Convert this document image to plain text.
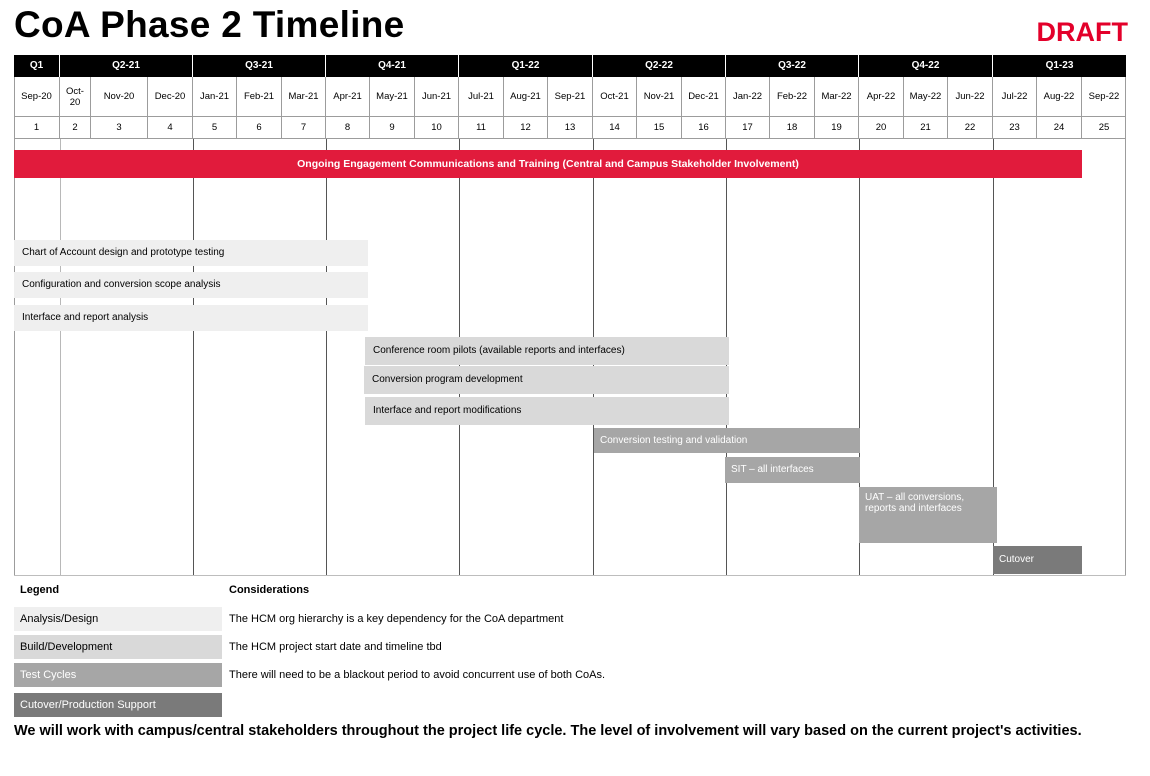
CoA Phase 2 Timeline	DRAFT
Q1	Q2-21	Q3-21	Q4-21	Q1-22	Q2-22	Q3-22	Q4-22	Q1-23
Sep-20	Oct-
20	Nov-20	Dec-20	Jan-21	Feb-21	Mar-21	Apr-21	May-21	Jun-21	Jul-21	Aug-21	Sep-21	Oct-21	Nov-21	Dec-21	Jan-22	Feb-22	Mar-22	Apr-22	May-22	Jun-22	Jul-22	Aug-22	Sep-22
1	2	3	4	5	6	7	8	9	10	11	12	13	14	15	16	17	18	19	20	21	22	23	24	25
Ongoing Engagement Communications and Training (Central and Campus Stakeholder Involvement)
Chart of Account design and prototype testing
Configuration and conversion scope analysis
Interface and report analysis
Conference room pilots (available reports and interfaces)
Conversion program development
Interface and report modifications
Conversion testing and validation
SIT – all interfaces
UAT – all conversions, reports and interfaces
Cutover
Legend	Considerations
Analysis/Design
Build/Development
Test Cycles
Cutover/Production Support
The HCM org hierarchy is a key dependency for the CoA department
The HCM project start date and timeline tbd
There will need to be a blackout period to avoid concurrent use of both CoAs.
We will work with campus/central stakeholders throughout the project life cycle. The level of involvement will vary based on the current project's activities.
